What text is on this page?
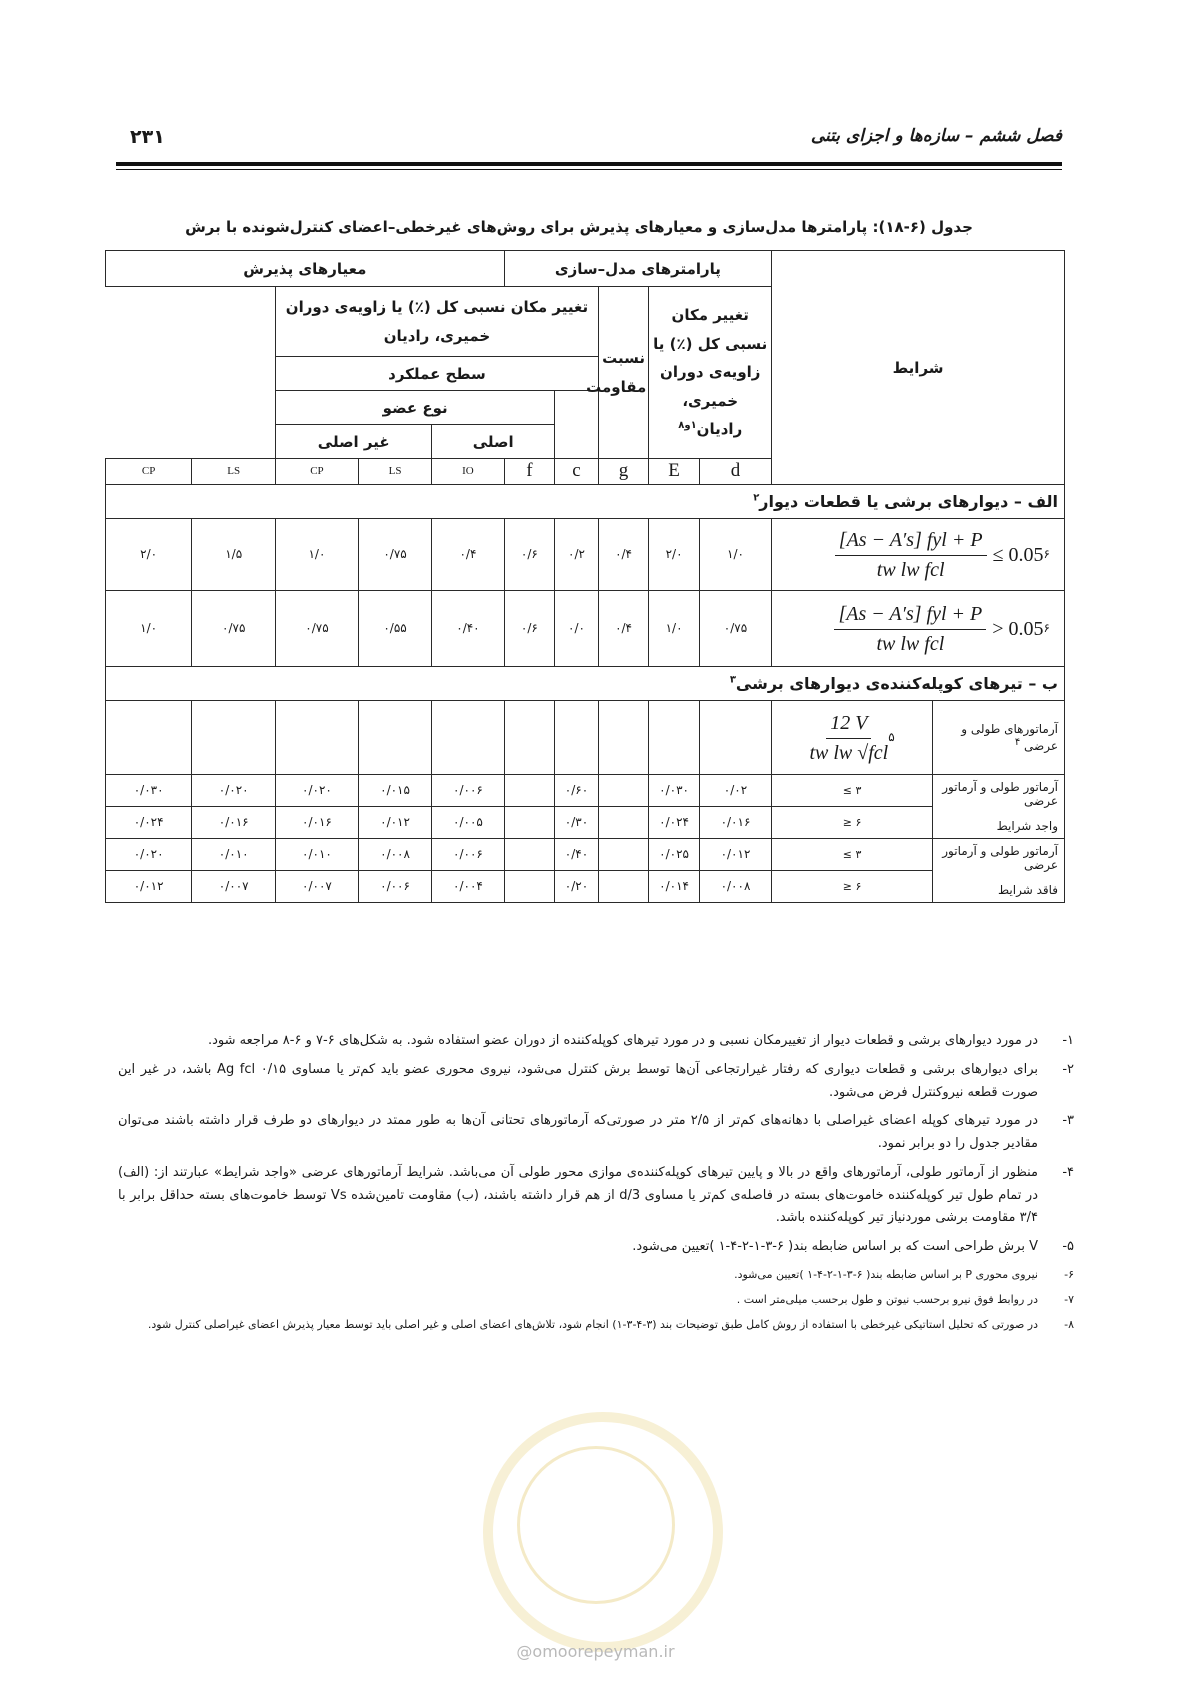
۲۳۱	فصل ششم – سازه‌ها و اجزای بتنی
جدول (۶-۱۸): پارامترها مدل‌سازی و معیارهای پذیرش برای روش‌های غیرخطی–اعضای کنترل‌شونده با برش
شرایط		پارامترهای مدل–سازی					معیارهای پذیرش				
		تغییر مکان نسبی کل (٪) یا زاویه‌ی دوران خمیری، رادیان$^{۱و۸}$		نسبت مقاومت	تغییر مکان نسبی کل (٪) یا زاویه‌ی دوران خمیری، رادیان						
					سطح عملکرد						
						نوع عضو					
						اصلی		غیر اصلی			
		d	E	g	c	f	IO	LS	CP	LS	CP
الف – دیوارهای برشی یا قطعات دیوار$^۲$

$\frac{\text{[As − A′s] fyl + P}}{\text{tw lw fcl}} \le 0.05$ ۶		۱/۰	۲/۰	۰/۴	۰/۲	۰/۶	۰/۴	۰/۷۵	۱/۰	۱/۵	۲/۰

$\frac{\text{[As − A′s] fyl + P}}{\text{tw lw fcl}} > 0.05$ ۶		۰/۷۵	۱/۰	۰/۴	۰/۰	۰/۶	۰/۴۰	۰/۵۵	۰/۷۵	۰/۷۵	۱/۰
ب – تیرهای کوپله‌کننده‌ی دیوارهای برشی$^۳$
آرماتورهای طولی و عرضی $^۴$	$\frac{12 V}{\text{tw lw √fcl}}$ ۵										

آرماتور طولی و آرماتور عرضی
واجد شرایط	۳ ≥	۰/۰۲	۰/۰۳۰		۰/۶۰		۰/۰۰۶	۰/۰۱۵	۰/۰۲۰	۰/۰۲۰	۰/۰۳۰
	۶ ≤	۰/۰۱۶	۰/۰۲۴		۰/۳۰		۰/۰۰۵	۰/۰۱۲	۰/۰۱۶	۰/۰۱۶	۰/۰۲۴

آرماتور طولی و آرماتور عرضی
فاقد شرایط	۳ ≥	۰/۰۱۲	۰/۰۲۵		۰/۴۰		۰/۰۰۶	۰/۰۰۸	۰/۰۱۰	۰/۰۱۰	۰/۰۲۰
	۶ ≤	۰/۰۰۸	۰/۰۱۴		۰/۲۰		۰/۰۰۴	۰/۰۰۶	۰/۰۰۷	۰/۰۰۷	۰/۰۱۲
۱-
در مورد دیوارهای برشی و قطعات دیوار از تغییرمکان نسبی و در مورد تیرهای کوپله‌کننده از دوران عضو استفاده شود. به شکل‌های ۶-۷ و ۶-۸ مراجعه شود.
۲-
برای دیوارهای برشی و قطعات دیواری که رفتار غیرارتجاعی آن‌ها توسط برش کنترل می‌شود، نیروی محوری عضو باید کم‌تر یا مساوی ۰/۱۵ Ag fcl باشد، در غیر این صورت قطعه نیروکنترل فرض می‌شود.
۳-
در مورد تیرهای کوپله اعضای غیراصلی با دهانه‌های کم‌تر از ۲/۵ متر در صورتی‌که آرماتورهای تحتانی آن‌ها به طور ممتد در دیوارهای دو طرف قرار داشته باشند می‌توان مقادیر جدول را دو برابر نمود.
۴-
منظور از آرماتور طولی، آرماتورهای واقع در بالا و پایین تیرهای کوپله‌کننده‌ی موازی محور طولی آن می‌باشد. شرایط آرماتورهای عرضی «واجد شرایط» عبارتند از: (الف) در تمام طول تیر کوپله‌کننده خاموت‌های بسته در فاصله‌ی کم‌تر یا مساوی d/3 از هم قرار داشته باشند، (ب) مقاومت تامین‌شده Vs توسط خاموت‌های بسته حداقل برابر با ۳/۴ مقاومت برشی موردنیاز تیر کوپله‌کننده باشد.
۵-
V برش طراحی است که بر اساس ضابطه بند( ۶-۳-۱-۲-۴-۱ )تعیین می‌شود.
۶-
نیروی محوری P بر اساس ضابطه بند( ۶-۳-۱-۲-۴-۱ )تعیین می‌شود.
۷-
در روابط فوق نیرو برحسب نیوتن و طول برحسب میلی‌متر است .
۸-
در صورتی که تحلیل استاتیکی غیرخطی با استفاده از روش کامل طبق توضیحات بند (۳-۴-۳-۱) انجام شود، تلاش‌های اعضای اصلی و غیر اصلی باید توسط معیار پذیرش اعضای غیراصلی کنترل شود.
@omoorepeyman.ir
